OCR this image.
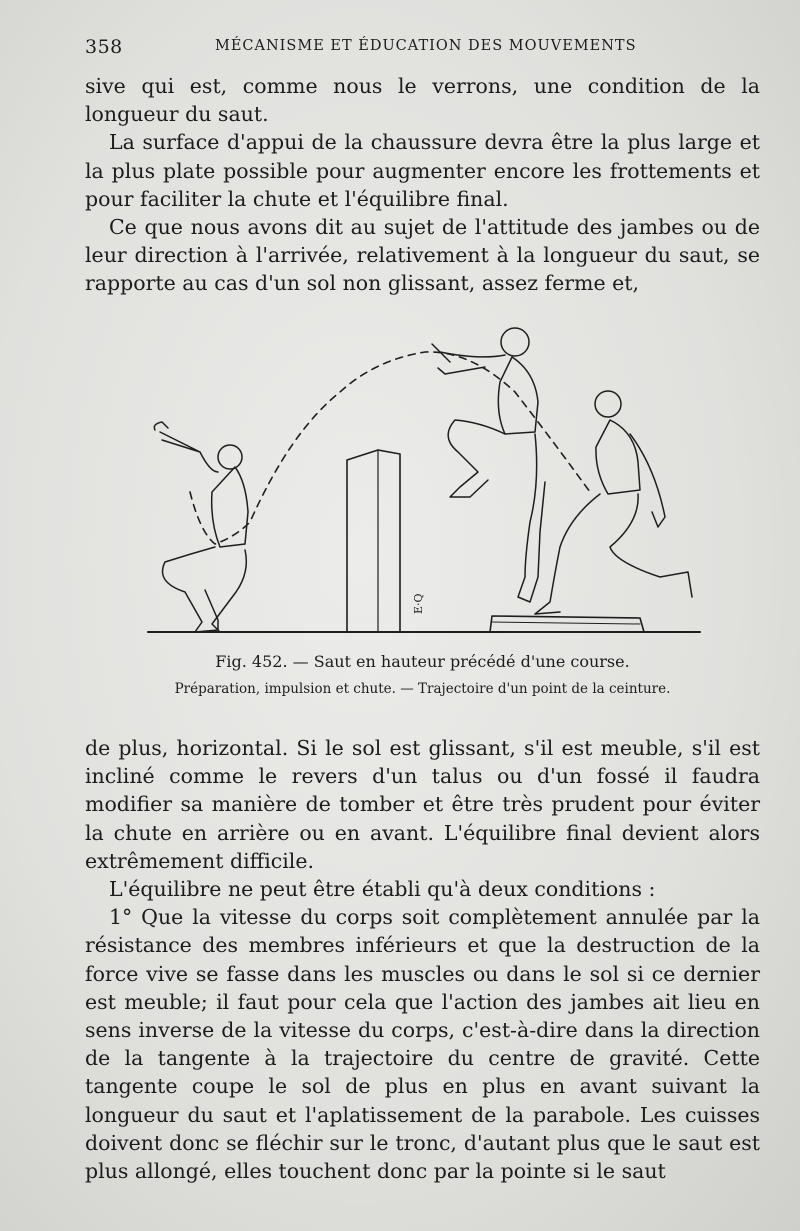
358	MÉCANISME ET ÉDUCATION DES MOUVEMENTS

sive qui est, comme nous le verrons, une condition de la longueur du saut.

La surface d'appui de la chaussure devra être la plus large et la plus plate possible pour augmenter encore les frottements et pour faciliter la chute et l'équilibre final.

Ce que nous avons dit au sujet de l'attitude des jambes ou de leur direction à l'arrivée, relativement à la longueur du saut, se rapporte au cas d'un sol non glissant, assez ferme et,

E·Q
Fig. 452. — Saut en hauteur précédé d'une course.
Préparation, impulsion et chute. — Trajectoire d'un point de la ceinture.

de plus, horizontal. Si le sol est glissant, s'il est meuble, s'il est incliné comme le revers d'un talus ou d'un fossé il faudra modifier sa manière de tomber et être très prudent pour éviter la chute en arrière ou en avant. L'équilibre final devient alors extrêmement difficile.

L'équilibre ne peut être établi qu'à deux conditions :

1° Que la vitesse du corps soit complètement annulée par la résistance des membres inférieurs et que la destruction de la force vive se fasse dans les muscles ou dans le sol si ce dernier est meuble; il faut pour cela que l'action des jambes ait lieu en sens inverse de la vitesse du corps, c'est-à-dire dans la direction de la tangente à la trajectoire du centre de gravité. Cette tangente coupe le sol de plus en plus en avant suivant la longueur du saut et l'aplatissement de la parabole. Les cuisses doivent donc se fléchir sur le tronc, d'autant plus que le saut est plus allongé, elles touchent donc par la pointe si le saut
